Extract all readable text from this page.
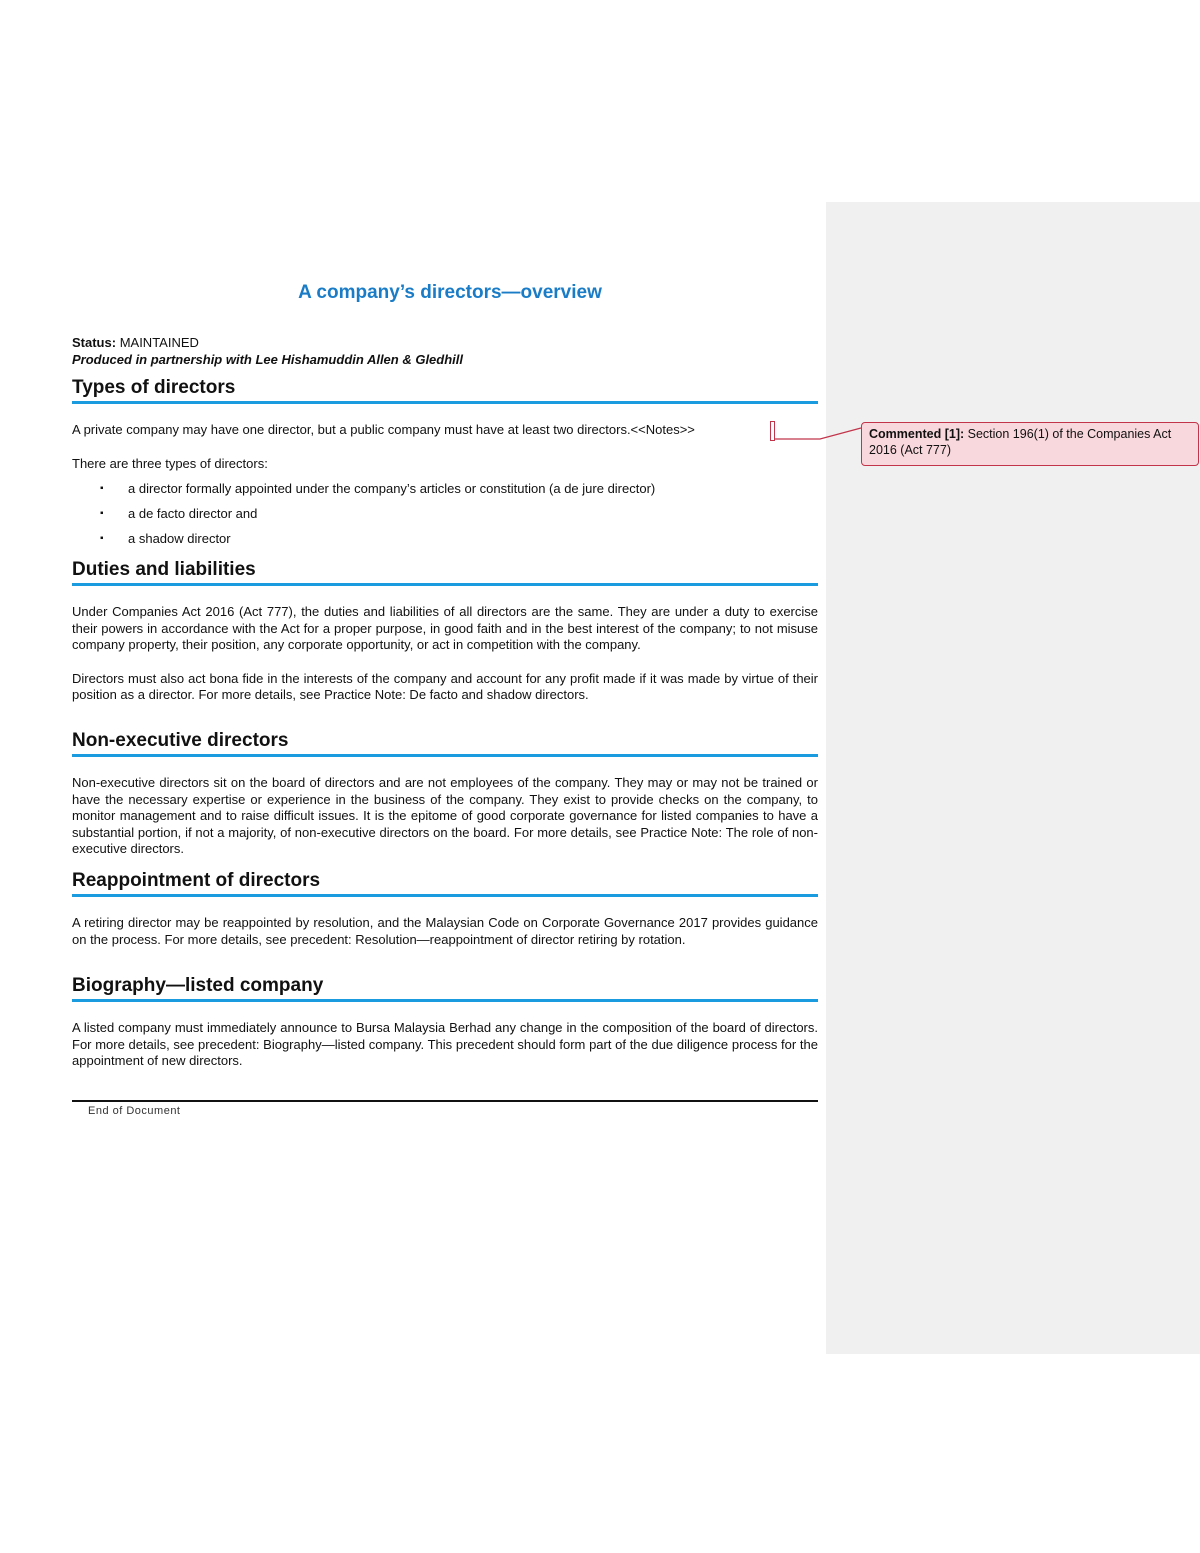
A company’s directors—overview

Status: MAINTAINED

Produced in partnership with Lee Hishamuddin Allen & Gledhill

Types of directors

A private company may have one director, but a public company must have at least two directors.<<Notes>>

There are three types of directors:

▪ a director formally appointed under the company’s articles or constitution (a de jure director)
▪ a de facto director and
▪ a shadow director
Duties and liabilities

Under Companies Act 2016 (Act 777), the duties and liabilities of all directors are the same. They are under a duty to exercise their powers in accordance with the Act for a proper purpose, in good faith and in the best interest of the company; to not misuse company property, their position, any corporate opportunity, or act in competition with the company.

Directors must also act bona fide in the interests of the company and account for any profit made if it was made by virtue of their position as a director. For more details, see Practice Note: De facto and shadow directors.

Non-executive directors

Non-executive directors sit on the board of directors and are not employees of the company. They may or may not be trained or have the necessary expertise or experience in the business of the company. They exist to provide checks on the company, to monitor management and to raise difficult issues. It is the epitome of good corporate governance for listed companies to have a substantial portion, if not a majority, of non-executive directors on the board. For more details, see Practice Note: The role of non-executive directors.

Reappointment of directors

A retiring director may be reappointed by resolution, and the Malaysian Code on Corporate Governance 2017 provides guidance on the process. For more details, see precedent: Resolution—reappointment of director retiring by rotation.

Biography—listed company

A listed company must immediately announce to Bursa Malaysia Berhad any change in the composition of the board of directors. For more details, see precedent: Biography—listed company. This precedent should form part of the due diligence process for the appointment of new directors.

End of Document

Commented [1]: Section 196(1) of the Companies Act 2016 (Act 777)
